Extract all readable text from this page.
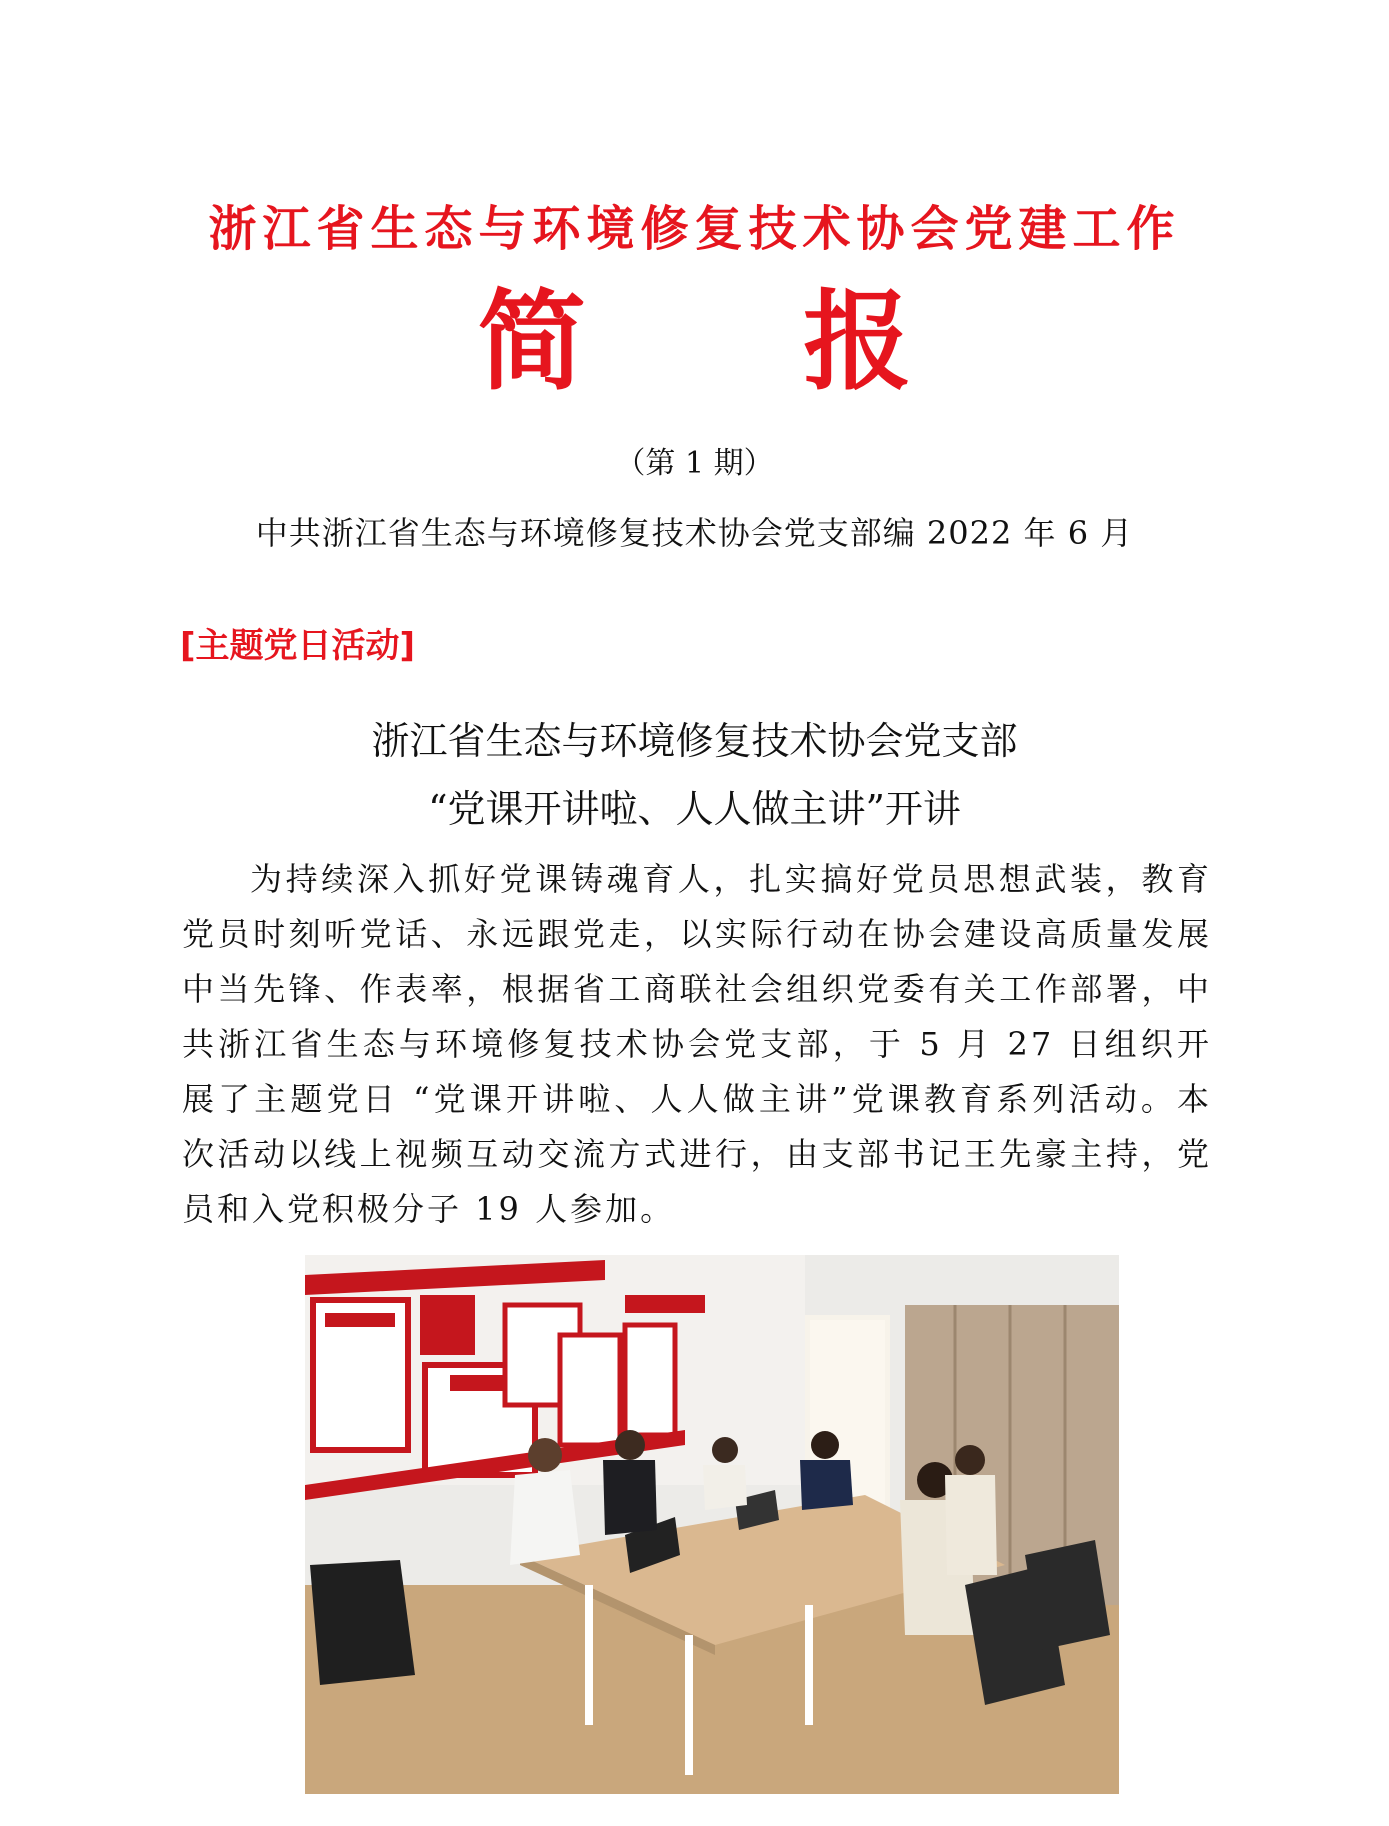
浙江省生态与环境修复技术协会党建工作
简 报
（第 1 期）
中共浙江省生态与环境修复技术协会党支部编 2022 年 6 月
[主题党日活动]
浙江省生态与环境修复技术协会党支部
“党课开讲啦、人人做主讲”开讲
为持续深入抓好党课铸魂育人，扎实搞好党员思想武装，教育党员时刻听党话、永远跟党走，以实际行动在协会建设高质量发展中当先锋、作表率，根据省工商联社会组织党委有关工作部署，中共浙江省生态与环境修复技术协会党支部，于 5 月 27 日组织开展了主题党日 “党课开讲啦、人人做主讲”党课教育系列活动。本次活动以线上视频互动交流方式进行，由支部书记王先豪主持，党员和入党积极分子 19 人参加。
